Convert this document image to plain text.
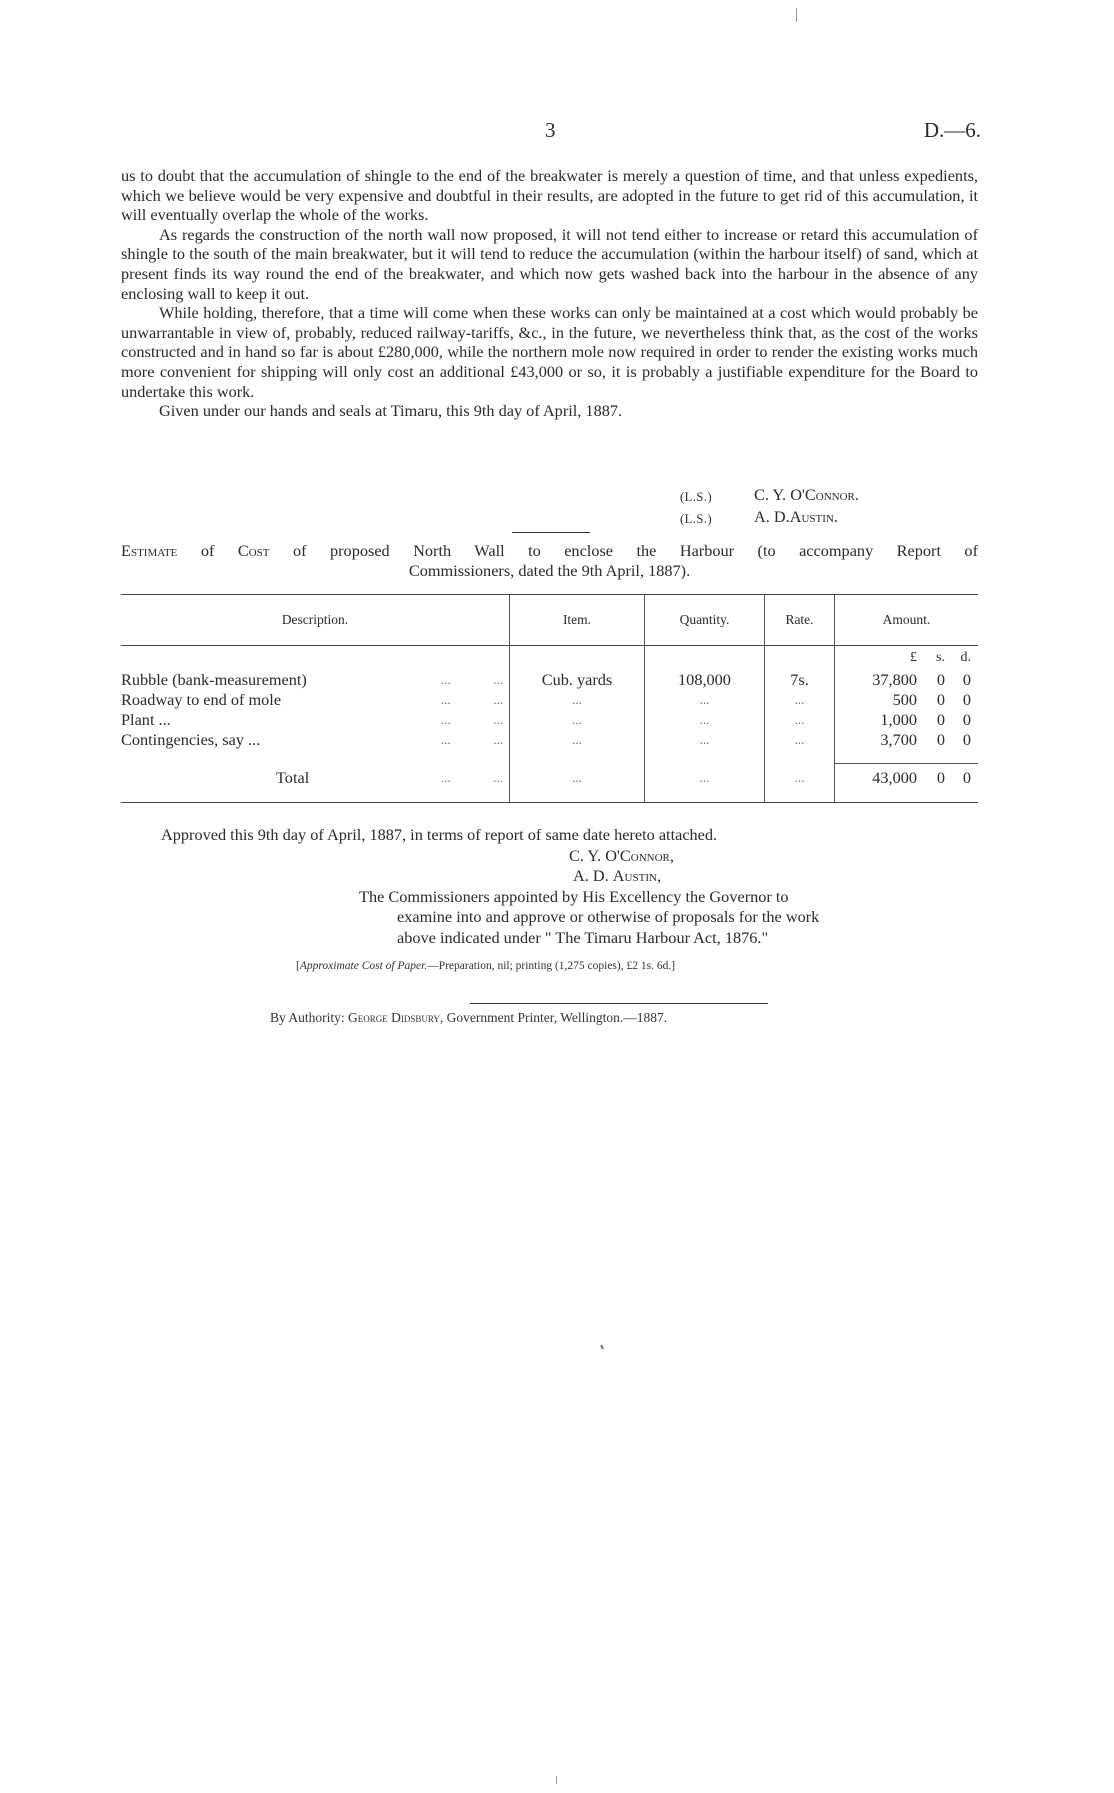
3	D.—6.

us to doubt that the accumulation of shingle to the end of the breakwater is merely a question of time, and that unless expedients, which we believe would be very expensive and doubtful in their results, are adopted in the future to get rid of this accumulation, it will eventually overlap the whole of the works.

As regards the construction of the north wall now proposed, it will not tend either to increase or retard this accumulation of shingle to the south of the main breakwater, but it will tend to reduce the accumulation (within the harbour itself) of sand, which at present finds its way round the end of the breakwater, and which now gets washed back into the harbour in the absence of any enclosing wall to keep it out.

While holding, therefore, that a time will come when these works can only be maintained at a cost which would probably be unwarrantable in view of, probably, reduced railway-tariffs, &c., in the future, we nevertheless think that, as the cost of the works constructed and in hand so far is about £280,000, while the northern mole now required in order to render the existing works much more convenient for shipping will only cost an additional £43,000 or so, it is probably a justifiable expenditure for the Board to undertake this work.

Given under our hands and seals at Timaru, this 9th day of April, 1887.

(L.S.)	C. Y. O' Connor.
(L.S.)	A. D. Austin.
Estimate of Cost of proposed North Wall to enclose the Harbour (to accompany Report of
Commissioners, dated the 9th April, 1887).
Description.	Item.	Quantity.	Rate.	Amount.
£	s.	d.
Rubble (bank-measurement)	...	...	Cub. yards	108,000	7s.	37,800	0	0
Roadway to end of mole	...	...	...	...	...	500	0	0
Plant ...	...	...	...	...	...	1,000	0	0
Contingencies, say ...	...	...	...	...	...	3,700	0	0
Total	...	...	...	...	...	43,000	0	0
Approved this 9th day of April, 1887, in terms of report of same date hereto attached.
C. Y. O'Connor,
A. D. Austin,
The Commissioners appointed by His Excellency the Governor to
examine into and approve or otherwise of proposals for the work
above indicated under " The Timaru Harbour Act, 1876."
[Approximate Cost of Paper.—Preparation, nil; printing (1,275 copies), £2 1s. 6d.]
By Authority: George Didsbury, Government Printer, Wellington.—1887.
